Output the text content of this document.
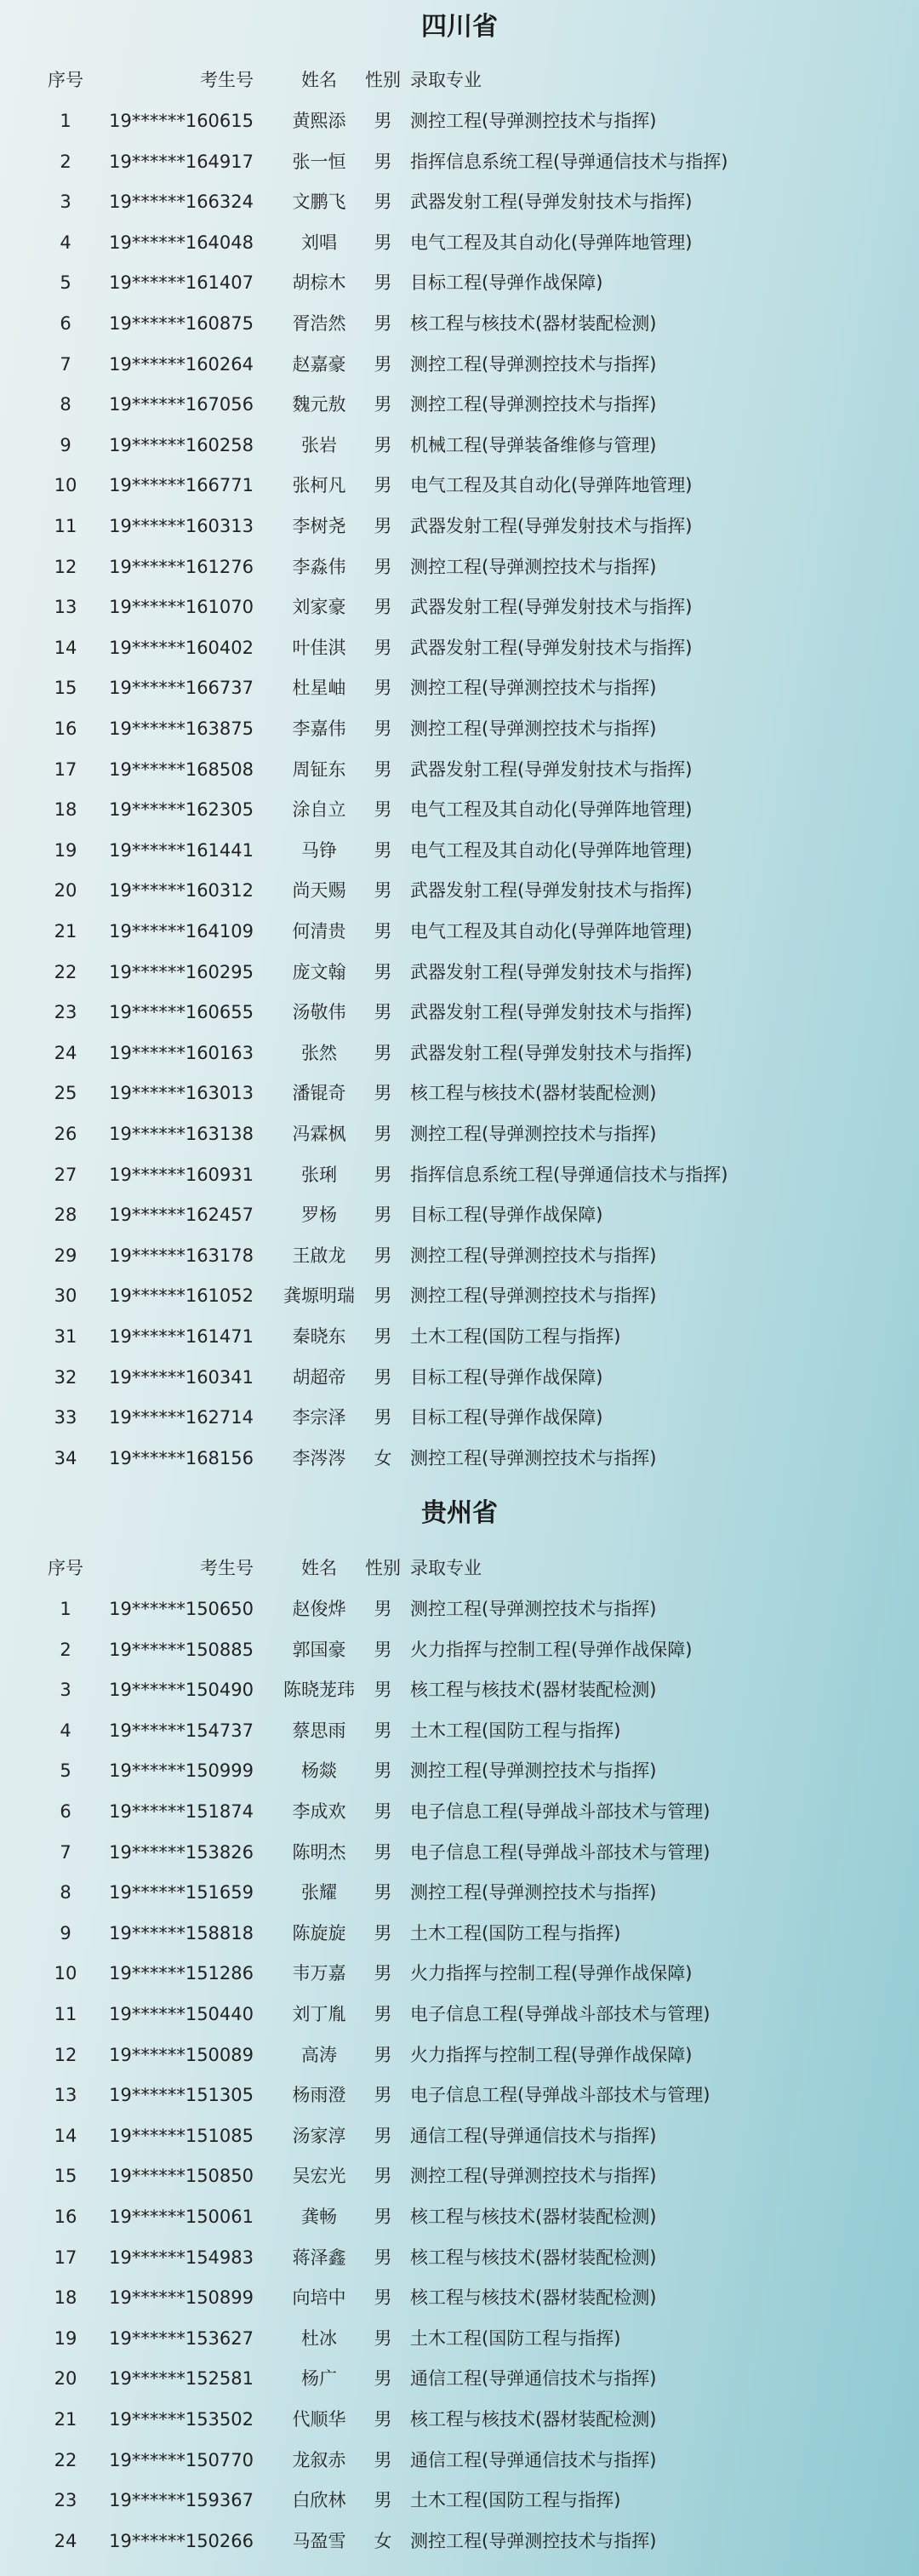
四川省
序号	考生号	姓名	性别 录取专业
1	19******160615	黄熙添	男	测控工程(导弹测控技术与指挥)
2	19******164917	张一恒	男	指挥信息系统工程(导弹通信技术与指挥)
3	19******166324	文鹏飞	男	武器发射工程(导弹发射技术与指挥)
4	19******164048	刘唱	男	电气工程及其自动化(导弹阵地管理)
5	19******161407	胡棕木	男	目标工程(导弹作战保障)
6	19******160875	胥浩然	男	核工程与核技术(器材装配检测)
7	19******160264	赵嘉豪	男	测控工程(导弹测控技术与指挥)
8	19******167056	魏元敖	男	测控工程(导弹测控技术与指挥)
9	19******160258	张岩	男	机械工程(导弹装备维修与管理)
10	19******166771	张柯凡	男	电气工程及其自动化(导弹阵地管理)
11	19******160313	李树尧	男	武器发射工程(导弹发射技术与指挥)
12	19******161276	李淼伟	男	测控工程(导弹测控技术与指挥)
13	19******161070	刘家豪	男	武器发射工程(导弹发射技术与指挥)
14	19******160402	叶佳淇	男	武器发射工程(导弹发射技术与指挥)
15	19******166737	杜星岫	男	测控工程(导弹测控技术与指挥)
16	19******163875	李嘉伟	男	测控工程(导弹测控技术与指挥)
17	19******168508	周钲东	男	武器发射工程(导弹发射技术与指挥)
18	19******162305	涂自立	男	电气工程及其自动化(导弹阵地管理)
19	19******161441	马铮	男	电气工程及其自动化(导弹阵地管理)
20	19******160312	尚天赐	男	武器发射工程(导弹发射技术与指挥)
21	19******164109	何清贵	男	电气工程及其自动化(导弹阵地管理)
22	19******160295	庞文翰	男	武器发射工程(导弹发射技术与指挥)
23	19******160655	汤敬伟	男	武器发射工程(导弹发射技术与指挥)
24	19******160163	张然	男	武器发射工程(导弹发射技术与指挥)
25	19******163013	潘锟奇	男	核工程与核技术(器材装配检测)
26	19******163138	冯霖枫	男	测控工程(导弹测控技术与指挥)
27	19******160931	张琍	男	指挥信息系统工程(导弹通信技术与指挥)
28	19******162457	罗杨	男	目标工程(导弹作战保障)
29	19******163178	王啟龙	男	测控工程(导弹测控技术与指挥)
30	19******161052	龚塬明瑞	男	测控工程(导弹测控技术与指挥)
31	19******161471	秦晓东	男	土木工程(国防工程与指挥)
32	19******160341	胡超帝	男	目标工程(导弹作战保障)
33	19******162714	李宗泽	男	目标工程(导弹作战保障)
34	19******168156	李涔涔	女	测控工程(导弹测控技术与指挥)
贵州省
序号	考生号	姓名	性别 录取专业
1	19******150650	赵俊烨	男	测控工程(导弹测控技术与指挥)
2	19******150885	郭国豪	男	火力指挥与控制工程(导弹作战保障)
3	19******150490	陈晓茏玮	男	核工程与核技术(器材装配检测)
4	19******154737	蔡思雨	男	土木工程(国防工程与指挥)
5	19******150999	杨燚	男	测控工程(导弹测控技术与指挥)
6	19******151874	李成欢	男	电子信息工程(导弹战斗部技术与管理)
7	19******153826	陈明杰	男	电子信息工程(导弹战斗部技术与管理)
8	19******151659	张耀	男	测控工程(导弹测控技术与指挥)
9	19******158818	陈旋旋	男	土木工程(国防工程与指挥)
10	19******151286	韦万嘉	男	火力指挥与控制工程(导弹作战保障)
11	19******150440	刘丁胤	男	电子信息工程(导弹战斗部技术与管理)
12	19******150089	高涛	男	火力指挥与控制工程(导弹作战保障)
13	19******151305	杨雨澄	男	电子信息工程(导弹战斗部技术与管理)
14	19******151085	汤家淳	男	通信工程(导弹通信技术与指挥)
15	19******150850	吴宏光	男	测控工程(导弹测控技术与指挥)
16	19******150061	龚畅	男	核工程与核技术(器材装配检测)
17	19******154983	蒋泽鑫	男	核工程与核技术(器材装配检测)
18	19******150899	向培中	男	核工程与核技术(器材装配检测)
19	19******153627	杜冰	男	土木工程(国防工程与指挥)
20	19******152581	杨广	男	通信工程(导弹通信技术与指挥)
21	19******153502	代顺华	男	核工程与核技术(器材装配检测)
22	19******150770	龙叙赤	男	通信工程(导弹通信技术与指挥)
23	19******159367	白欣林	男	土木工程(国防工程与指挥)
24	19******150266	马盈雪	女	测控工程(导弹测控技术与指挥)
